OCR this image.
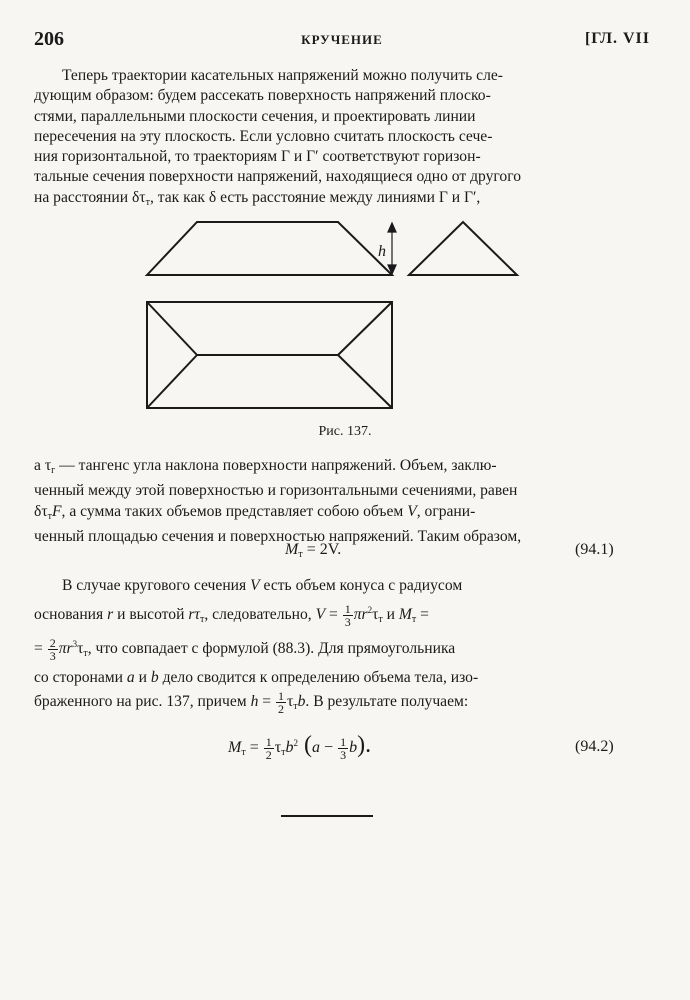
206	КРУЧЕНИЕ	[ГЛ. VII

Теперь траектории касательных напряжений можно получить сле-

дующим образом: будем рассекать поверхность напряжений плоско-

стями, параллельными плоскости сечения, и проектировать линии

пересечения на эту плоскость. Если условно считать плоскость сече-

ния горизонтальной, то траекториям Г и Г′ соответствуют горизон-

тальные сечения поверхности напряжений, находящиеся одно от другого

на расстоянии $\delta\tau_т$, так как δ есть расстояние между линиями Г и Г′,

h
Рис. 137.

а $\tau_г$ — тангенс угла наклона поверхности напряжений. Объем, заклю-

ченный между этой поверхностью и горизонтальными сечениями, равен

$\delta\tau_тF$, а сумма таких объемов представляет собою объем V, ограни-

ченный площадью сечения и поверхностью напряжений. Таким образом,

$M_т = 2V$.	(94.1)

В случае кругового сечения V есть объем конуса с радиусом

основания r и высотой $r\tau_т$, следовательно, $V = \frac{1}{3} \pi r^2\tau_т$ и $M_т$ =

= $\frac{2}{3} \pi r^3\tau_т$, что совпадает с формулой (88.3). Для прямоугольника

со сторонами a и b дело сводится к определению объема тела, изо-

браженного на рис. 137, причем $h = \frac{1}{2} \tau_тb$. В результате получаем:

$M_т = \frac{1}{2} \tau_тb^2$ $(a - \frac{1}{3} b)$.	(94.2)
